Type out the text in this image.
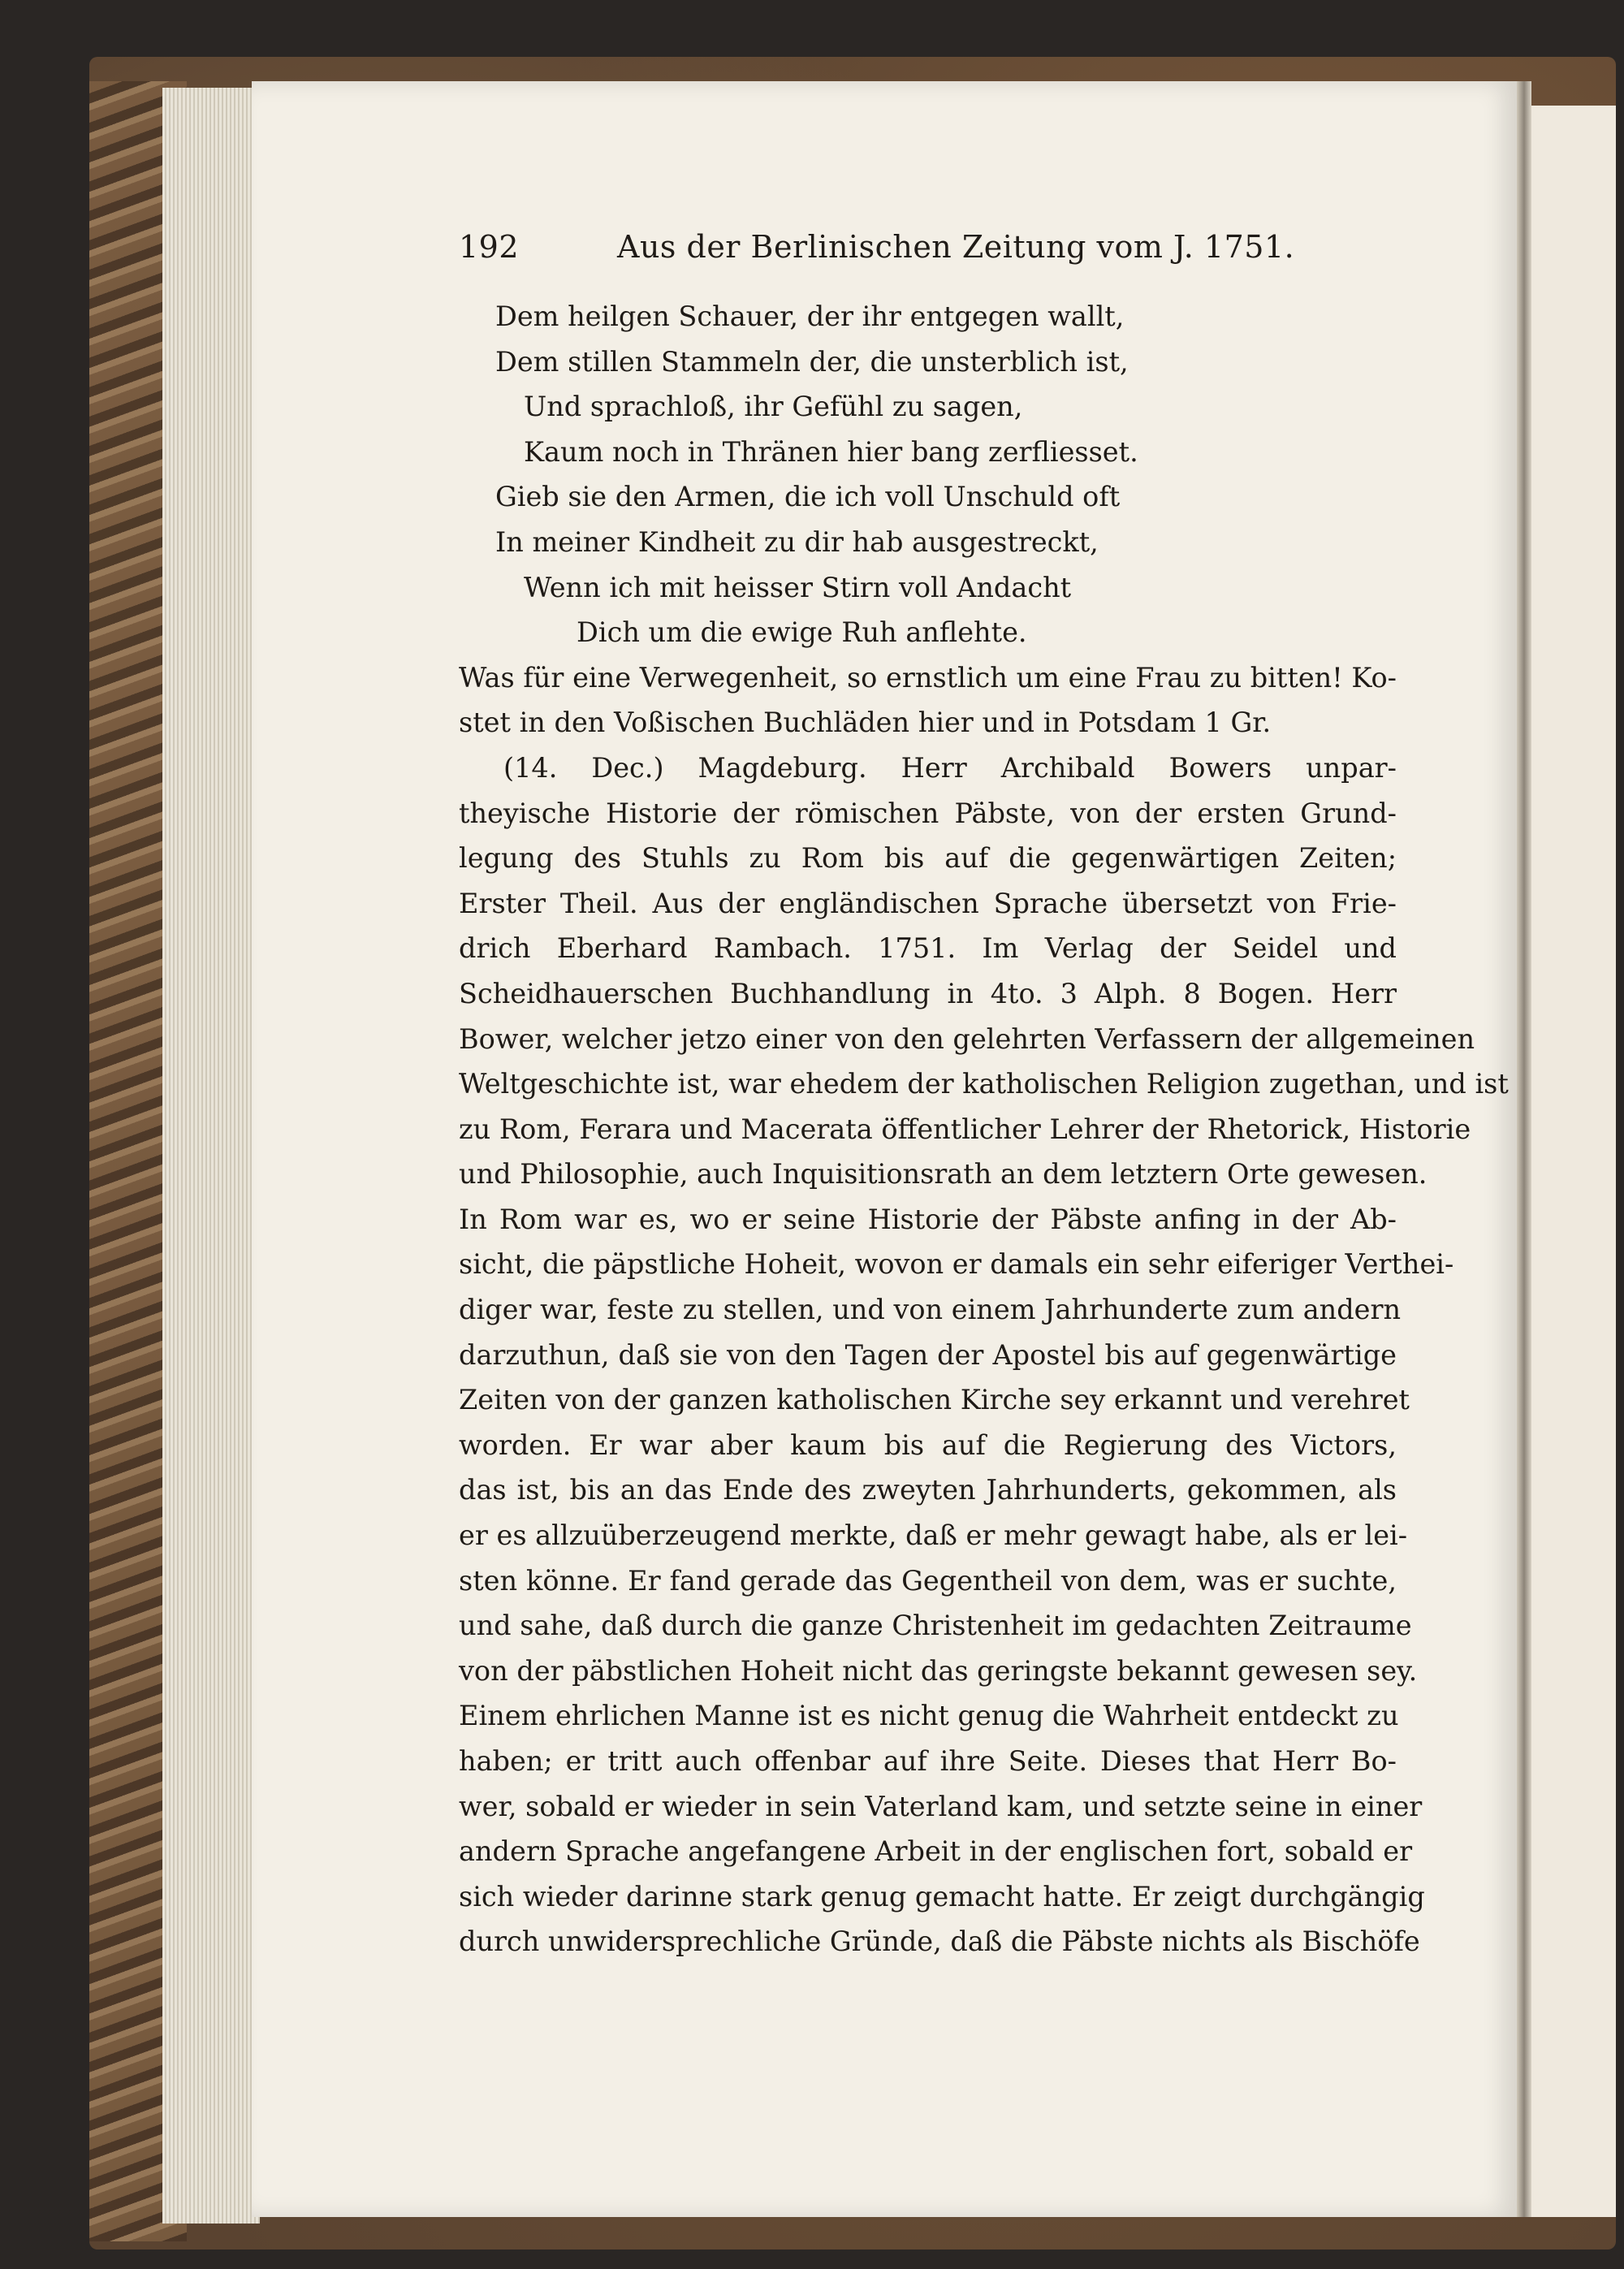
192	Aus der Berlinischen Zeitung vom J. 1751.
Dem heilgen Schauer, der ihr entgegen wallt,
Dem stillen Stammeln der, die unsterblich ist,
Und sprachloß, ihr Gefühl zu sagen,
Kaum noch in Thränen hier bang zerfliesset.
Gieb sie den Armen, die ich voll Unschuld oft
In meiner Kindheit zu dir hab ausgestreckt,
Wenn ich mit heisser Stirn voll Andacht
Dich um die ewige Ruh anflehte.
Was für eine Verwegenheit, so ernstlich um eine Frau zu bitten! Ko-
stet in den Voßischen Buchläden hier und in Potsdam 1 Gr.
(14. Dec.) Magdeburg. Herr Archibald Bowers unpar-
theyische Historie der römischen Päbste, von der ersten Grund-
legung des Stuhls zu Rom bis auf die gegenwärtigen Zeiten;
Erster Theil. Aus der engländischen Sprache übersetzt von Frie-
drich Eberhard Rambach. 1751. Im Verlag der Seidel und
Scheidhauerschen Buchhandlung in 4to. 3 Alph. 8 Bogen. Herr
Bower, welcher jetzo einer von den gelehrten Verfassern der allgemeinen
Weltgeschichte ist, war ehedem der katholischen Religion zugethan, und ist
zu Rom, Ferara und Macerata öffentlicher Lehrer der Rhetorick, Historie
und Philosophie, auch Inquisitionsrath an dem letztern Orte gewesen.
In Rom war es, wo er seine Historie der Päbste anfing in der Ab-
sicht, die päpstliche Hoheit, wovon er damals ein sehr eiferiger Verthei-
diger war, feste zu stellen, und von einem Jahrhunderte zum andern
darzuthun, daß sie von den Tagen der Apostel bis auf gegenwärtige
Zeiten von der ganzen katholischen Kirche sey erkannt und verehret
worden. Er war aber kaum bis auf die Regierung des Victors,
das ist, bis an das Ende des zweyten Jahrhunderts, gekommen, als
er es allzuüberzeugend merkte, daß er mehr gewagt habe, als er lei-
sten könne. Er fand gerade das Gegentheil von dem, was er suchte,
und sahe, daß durch die ganze Christenheit im gedachten Zeitraume
von der päbstlichen Hoheit nicht das geringste bekannt gewesen sey.
Einem ehrlichen Manne ist es nicht genug die Wahrheit entdeckt zu
haben; er tritt auch offenbar auf ihre Seite. Dieses that Herr Bo-
wer, sobald er wieder in sein Vaterland kam, und setzte seine in einer
andern Sprache angefangene Arbeit in der englischen fort, sobald er
sich wieder darinne stark genug gemacht hatte. Er zeigt durchgängig
durch unwidersprechliche Gründe, daß die Päbste nichts als Bischöfe
